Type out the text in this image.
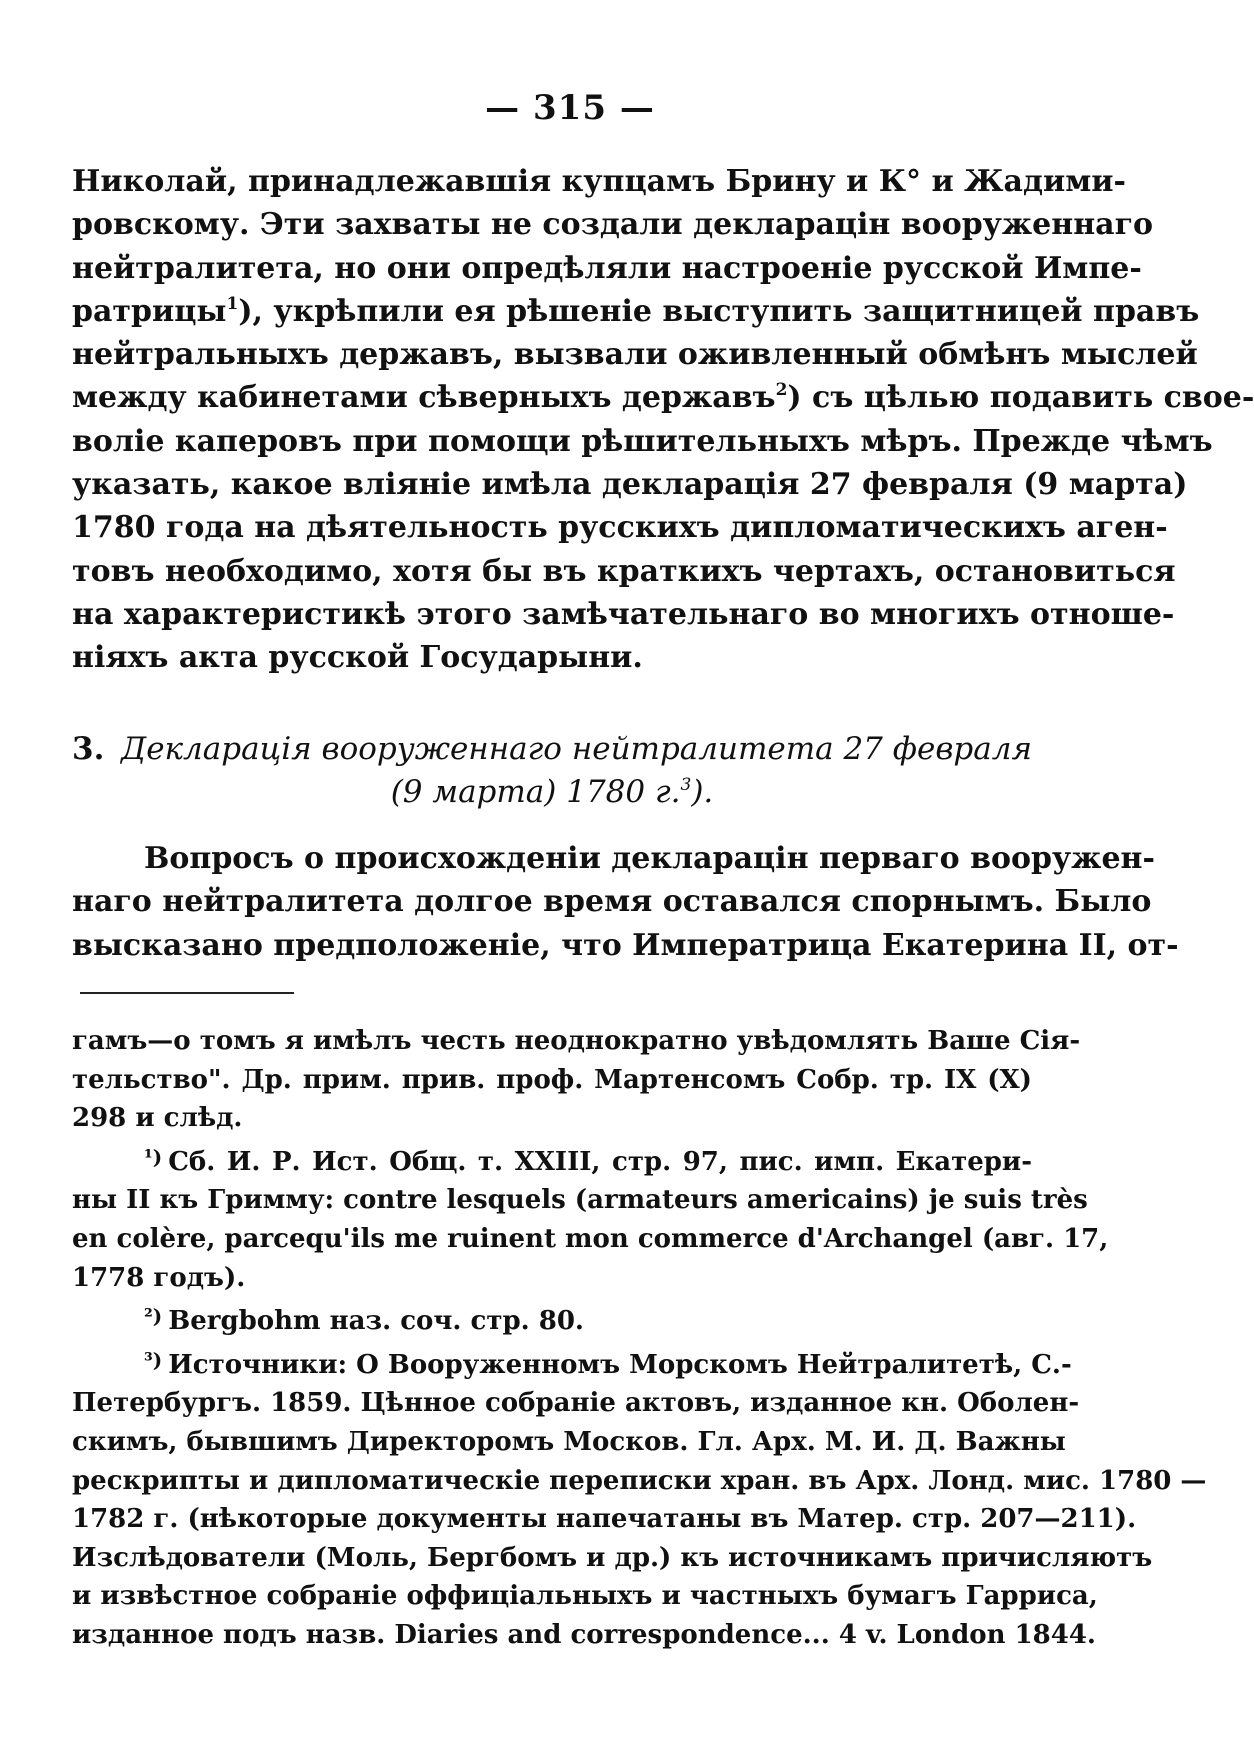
— 315 —
Николай, принадлежавшія купцамъ Брину и К° и Жадими-
ровскому. Эти захваты не создали декларацін вооруженнаго
нейтралитета, но они опредѣляли настроеніе русской Импе-
ратрицы$^1$), укрѣпили ея рѣшеніе выступить защитницей правъ
нейтральныхъ державъ, вызвали оживленный обмѣнъ мыслей
между кабинетами сѣверныхъ державъ$^2$) съ цѣлью подавить свое-
воліе каперовъ при помощи рѣшительныхъ мѣръ. Прежде чѣмъ
указать, какое вліяніе имѣла декларація 27 февраля (9 марта)
1780 года на дѣятельность русскихъ дипломатическихъ аген-
товъ необходимо, хотя бы въ краткихъ чертахъ, остановиться
на характеристикѣ этого замѣчательнаго во многихъ отноше-
ніяхъ акта русской Государыни.
3. Декларація вооруженнаго нейтралитета 27 февраля
(9 марта) 1780 г.$^3$).
Вопросъ о происхожденіи декларацін перваго вооружен-
наго нейтралитета долгое время оставался спорнымъ. Было
высказано предположеніе, что Императрица Екатерина II, от-
гамъ—о томъ я имѣлъ честь неоднократно увѣдомлять Ваше Сія-
тельство". Др. прим. прив. проф. Мартенсомъ Собр. тр. IX (X)
298 и слѣд.
¹) Сб. И. Р. Ист. Общ. т. XXIII, стр. 97, пис. имп. Екатери-
ны II къ Гримму: contre lesquels (armateurs americains) je suis très
en colère, parcequ'ils me ruinent mon commerce d'Archangel (авг. 17,
1778 годъ).
²) Bergbohm наз. соч. стр. 80.
³) Источники: О Вооруженномъ Морскомъ Нейтралитетѣ, С.-
Петербургъ. 1859. Цѣнное собраніе актовъ, изданное кн. Оболен-
скимъ, бывшимъ Директоромъ Москов. Гл. Арх. М. И. Д. Важны
рескрипты и дипломатическіе переписки хран. въ Арх. Лонд. мис. 1780 —
1782 г. (нѣкоторые документы напечатаны въ Матер. стр. 207—211).
Изслѣдователи (Моль, Бергбомъ и др.) къ источникамъ причисляютъ
и извѣстное собраніе оффиціальныхъ и частныхъ бумагъ Гарриса,
изданное подъ назв. Diaries and correspondence... 4 v. London 1844.
